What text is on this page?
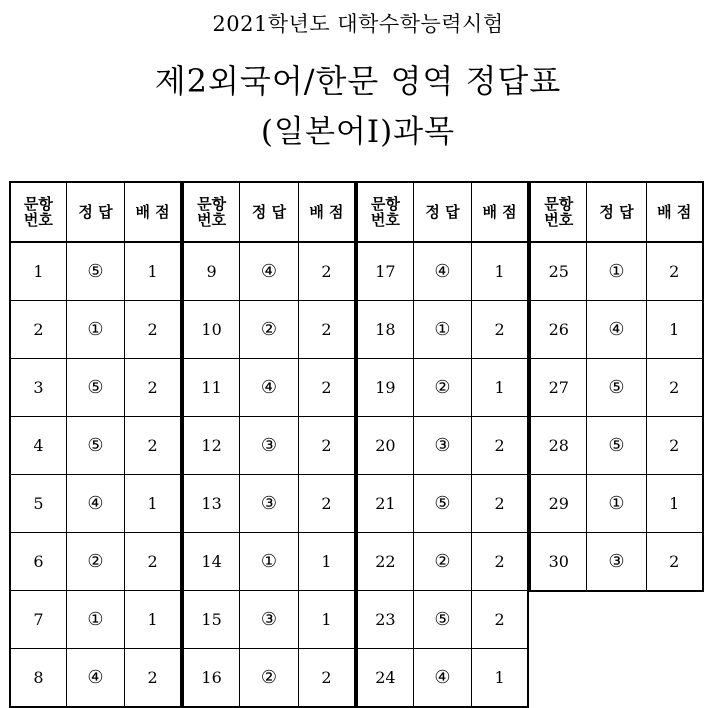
2021학년도 대학수학능력시험
제2외국어/한문 영역 정답표
(일본어Ⅰ)과목
문항번호	정 답	배 점
1	⑤	1
2	①	2
3	⑤	2
4	⑤	2
5	④	1
6	②	2
7	①	1
8	④	2
문항번호	정 답	배 점
9	④	2
10	②	2
11	④	2
12	③	2
13	③	2
14	①	1
15	③	1
16	②	2
문항번호	정 답	배 점
17	④	1
18	①	2
19	②	1
20	③	2
21	⑤	2
22	②	2
23	⑤	2
24	④	1
문항번호	정 답	배 점
25	①	2
26	④	1
27	⑤	2
28	⑤	2
29	①	1
30	③	2
